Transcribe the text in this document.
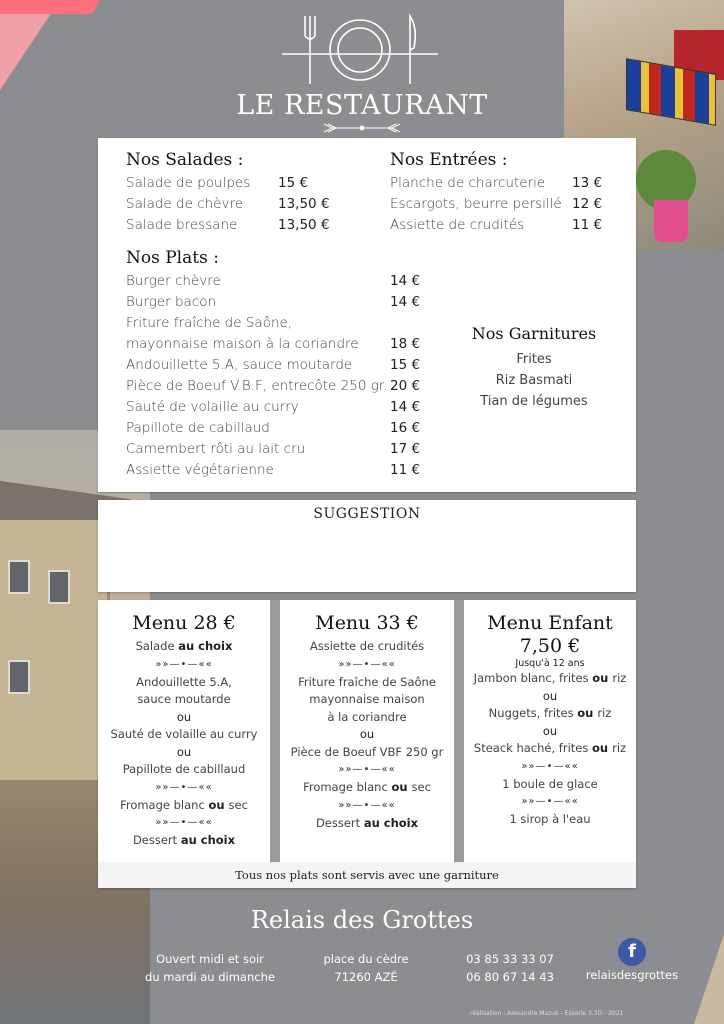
LE RESTAURANT
Nos Salades :
Salade de poulpes 15 €
Salade de chèvre	13,50 €
Salade bressane	13,50 €
Nos Entrées :
Planche de charcuterie 13 €
Escargots, beurre persillé 12 €
Assiette de crudités	11 €
Nos Plats :
Burger chèvre	14 €
Burger bacon	14 €
Friture fraîche de Saône,
mayonnaise maison à la coriandre 18 €
Andouillette 5.A, sauce moutarde	15 €
Pièce de Boeuf V.B.F, entrecôte 250 gr. 20 €
Sauté de volaille au curry	14 €
Papillote de cabillaud	16 €
Camembert rôti au lait cru	17 €
Assiette végétarienne	11 €
Nos Garnitures
Frites
Riz Basmati
Tian de légumes
SUGGESTION
Menu 28 €
Salade au choix
»»—•—««
Andouillette 5.A,
sauce moutarde
ou
Sauté de volaille au curry
ou
Papillote de cabillaud
»»—•—««
Fromage blanc ou sec
»»—•—««
Dessert au choix
Menu 33 €
Assiette de crudités
»»—•—««
Friture fraîche de Saône
mayonnaise maison
à la coriandre
ou
Pièce de Boeuf VBF 250 gr
»»—•—««
Fromage blanc ou sec
»»—•—««
Dessert au choix
Menu Enfant
7,50 €
Jusqu'à 12 ans
Jambon blanc, frites ou riz
ou
Nuggets, frites ou riz
ou
Steack haché, frites ou riz
»»—•—««
1 boule de glace
»»—•—««
1 sirop à l'eau
Tous nos plats sont servis avec une garniture
Relais des Grottes
Ouvert midi et soir
du mardi au dimanche
place du cèdre
71260 AZÉ
03 85 33 33 07
06 80 67 14 43
f
relaisdesgrottes
réalisation : Alexandre Mazuk - Essorie 3.3D - 2021
